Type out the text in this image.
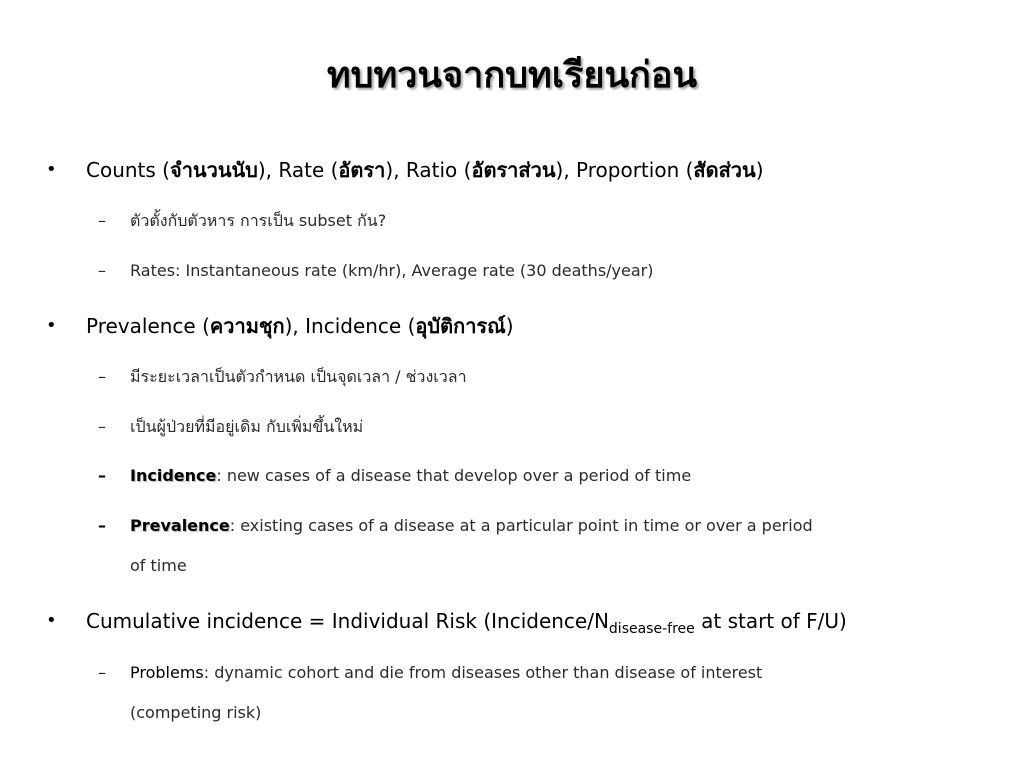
ทบทวนจากบทเรียนก่อน
• Counts (จำนวนนับ), Rate (อัตรา), Ratio (อัตราส่วน), Proportion (สัดส่วน)
– ตัวตั้งกับตัวหาร การเป็น subset กัน?
– Rates: Instantaneous rate (km/hr), Average rate (30 deaths/year)
• Prevalence (ความชุก), Incidence (อุบัติการณ์)
– มีระยะเวลาเป็นตัวกำหนด เป็นจุดเวลา / ช่วงเวลา
– เป็นผู้ป่วยที่มีอยู่เดิม กับเพิ่มขึ้นใหม่
– Incidence: new cases of a disease that develop over a period of time
– Prevalence: existing cases of a disease at a particular point in time or over a period
of time
• Cumulative incidence = Individual Risk ($Incidence/N_{disease-free}$ at start of F/U)
– Problems: dynamic cohort and die from diseases other than disease of interest
(competing risk)
